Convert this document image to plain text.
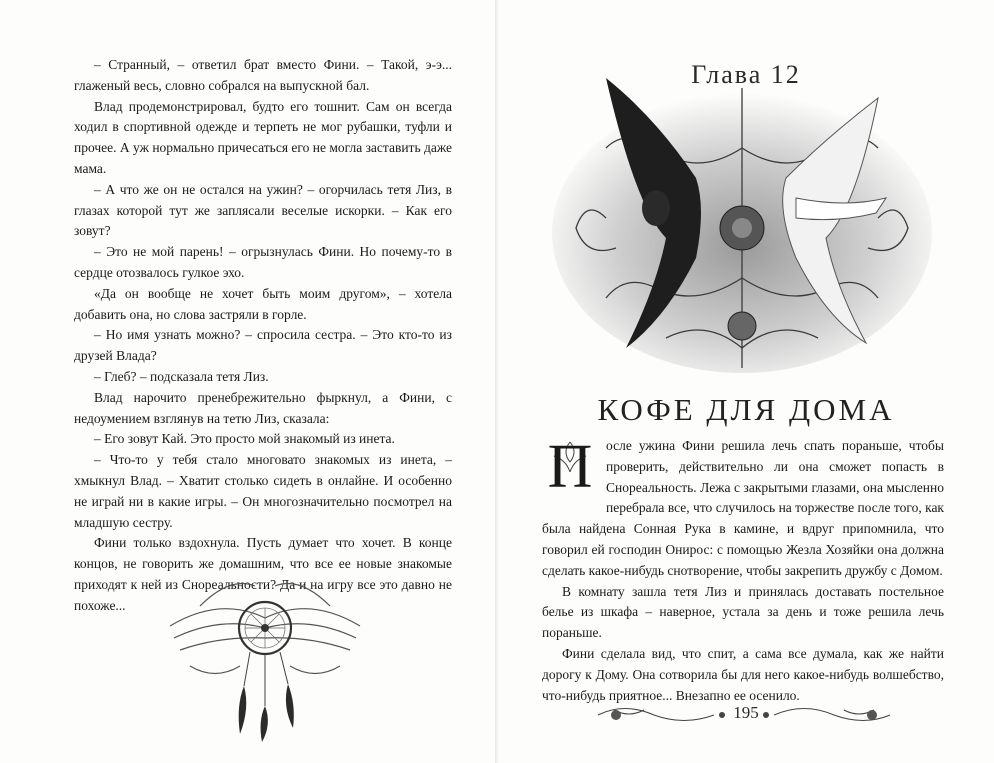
– Странный, – ответил брат вместо Фини. – Такой, э-э... глаженый весь, словно собрался на выпускной бал.

Влад продемонстрировал, будто его тошнит. Сам он всегда ходил в спортивной одежде и терпеть не мог рубашки, туфли и прочее. А уж нормально причесаться его не могла заставить даже мама.

– А что же он не остался на ужин? – огорчилась тетя Лиз, в глазах которой тут же заплясали веселые искорки. – Как его зовут?

– Это не мой парень! – огрызнулась Фини. Но почему-то в сердце отозвалось гулкое эхо.

«Да он вообще не хочет быть моим другом», – хотела добавить она, но слова застряли в горле.

– Но имя узнать можно? – спросила сестра. – Это кто-то из друзей Влада?

– Глеб? – подсказала тетя Лиз.

Влад нарочито пренебрежительно фыркнул, а Фини, с недоумением взглянув на тетю Лиз, сказала:

– Его зовут Кай. Это просто мой знакомый из инета.

– Что-то у тебя стало многовато знакомых из инета, – хмыкнул Влад. – Хватит столько сидеть в онлайне. И особенно не играй ни в какие игры. – Он многозначительно посмотрел на младшую сестру.

Фини только вздохнула. Пусть думает что хочет. В конце концов, не говорить же домашним, что все ее новые знакомые приходят к ней из Снореальности? Да и на игру все это давно не похоже...

Глава 12
КОФЕ ДЛЯ ДОМА

П	осле ужина Фини решила лечь спать пораньше, чтобы проверить, действительно ли она сможет попасть в Снореальность. Лежа с закрытыми глазами, она мысленно перебрала все, что случилось на торжестве после того, как была найдена Сонная Рука в камине, и вдруг припомнила, что говорил ей господин Онирос: с помощью Жезла Хозяйки она должна сделать какое-нибудь снотворение, чтобы закрепить дружбу с Домом.

В комнату зашла тетя Лиз и принялась доставать постельное белье из шкафа – наверное, устала за день и тоже решила лечь пораньше.

Фини сделала вид, что спит, а сама все думала, как же найти дорогу к Дому. Она сотворила бы для него какое-нибудь волшебство, что-нибудь приятное... Внезапно ее осенило.

195
